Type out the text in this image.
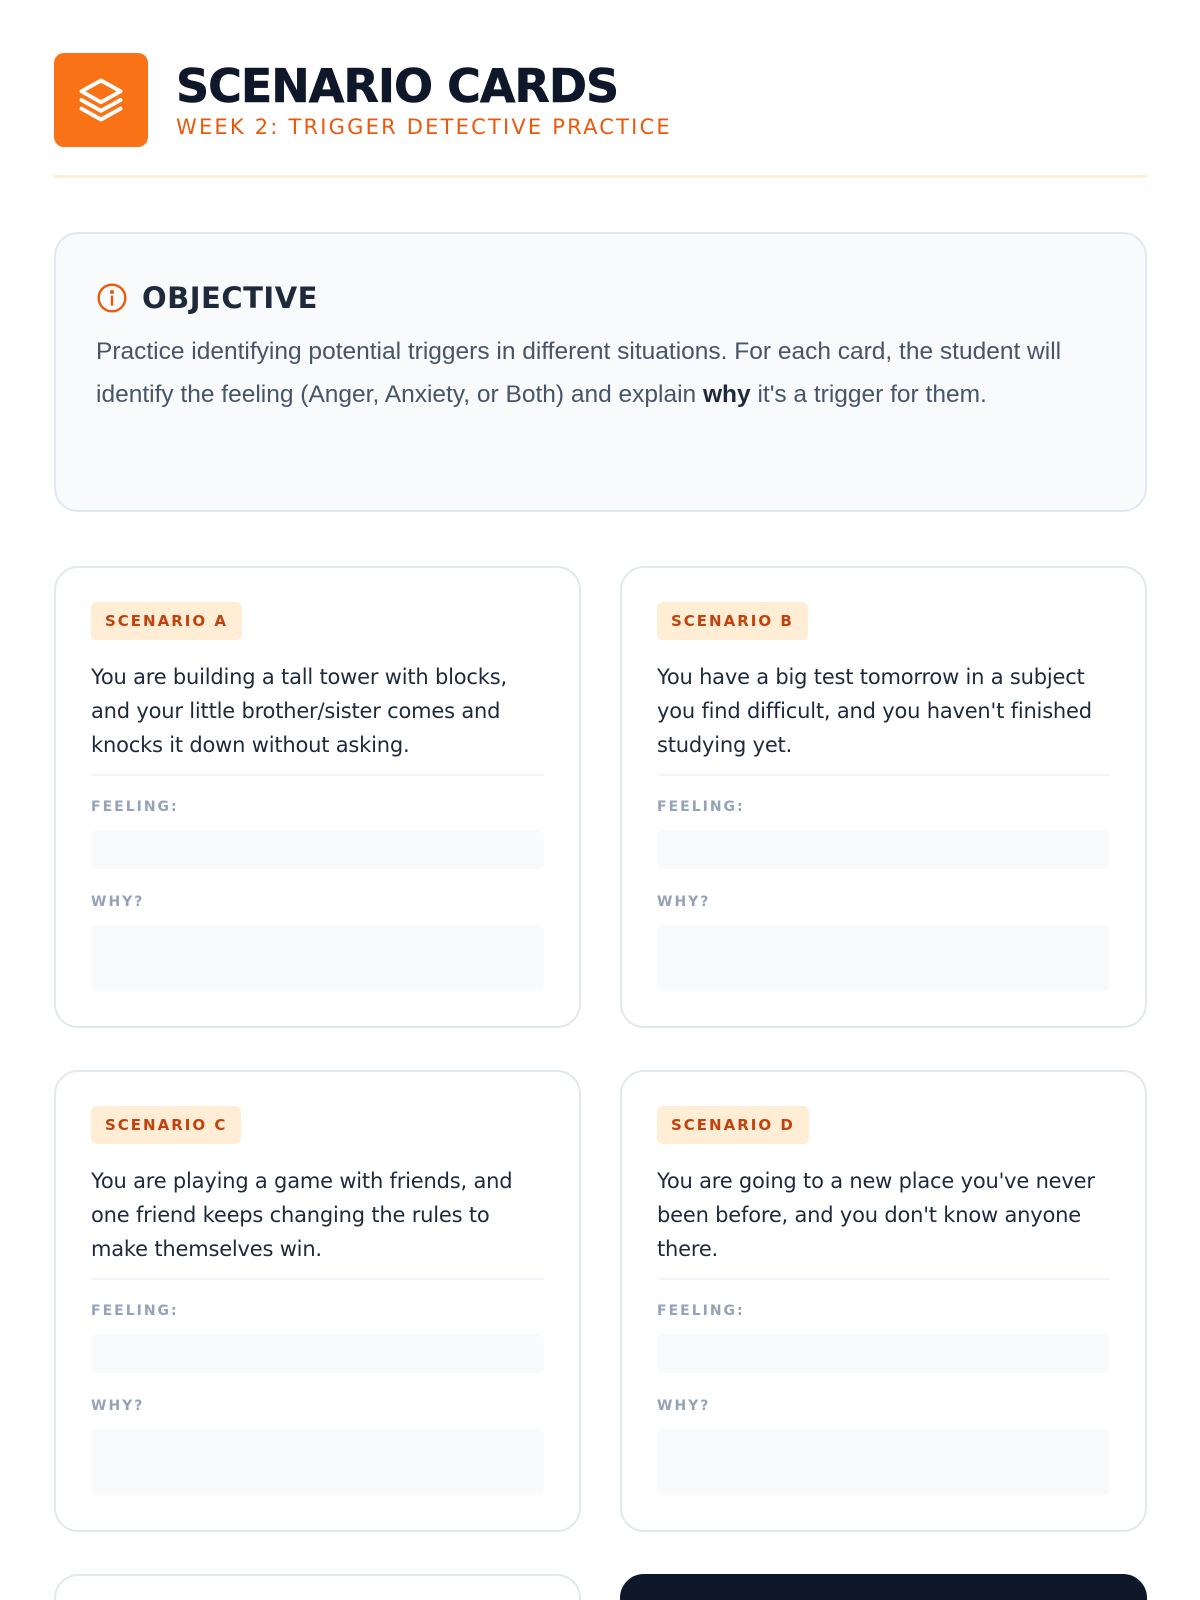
SCENARIO CARDS
WEEK 2: TRIGGER DETECTIVE PRACTICE
OBJECTIVE

Practice identifying potential triggers in different situations. For each card, the student will identify the feeling (Anger, Anxiety, or Both) and explain why it's a trigger for them.

SCENARIO A

You are building a tall tower with blocks, and your little brother/sister comes and knocks it down without asking.

FEELING:
WHY?
SCENARIO B

You have a big test tomorrow in a subject you find difficult, and you haven't finished studying yet.

FEELING:
WHY?
SCENARIO C

You are playing a game with friends, and one friend keeps changing the rules to make themselves win.

FEELING:
WHY?
SCENARIO D

You are going to a new place you've never been before, and you don't know anyone there.

FEELING:
WHY?
